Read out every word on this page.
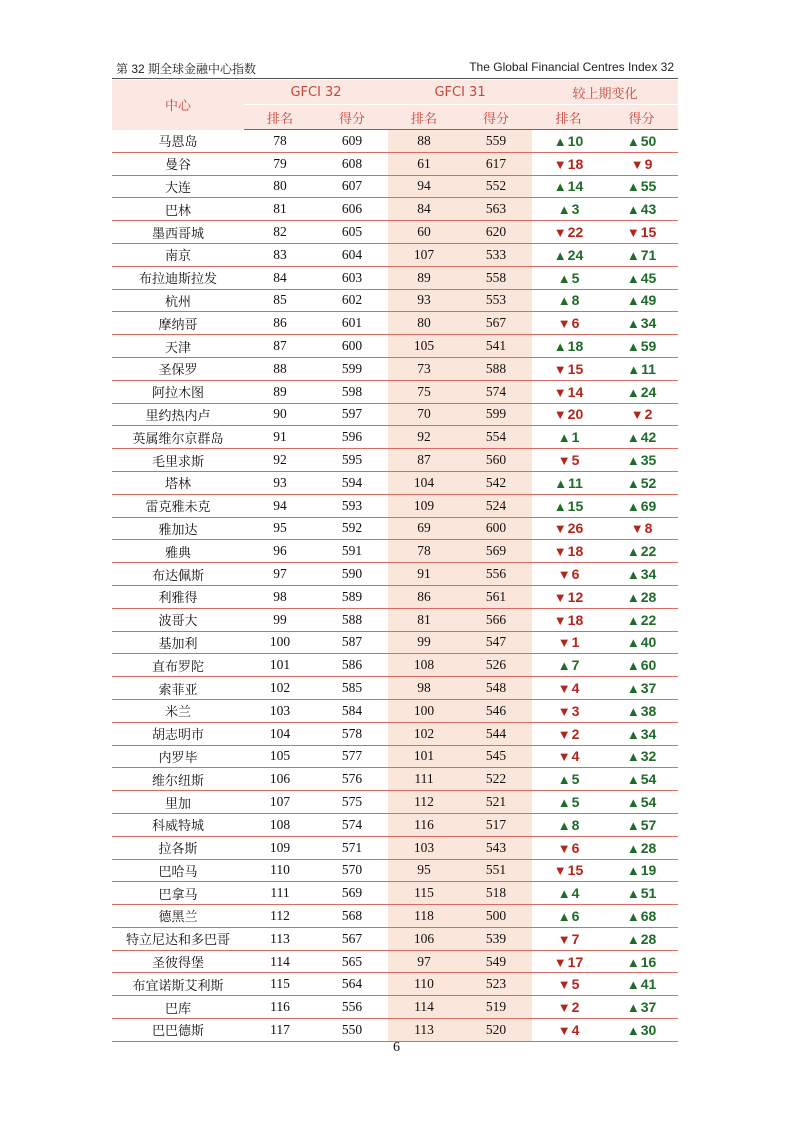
第 32 期全球金融中心指数	The Global Financial Centres Index 32
中心	GFCI 32		GFCI 31		较上期变化	
	排名	得分	排名	得分	排名	得分
马恩岛	78	609	88	559	▲10	▲50
曼谷	79	608	61	617	▼18	▼9
大连	80	607	94	552	▲14	▲55
巴林	81	606	84	563	▲3	▲43
墨西哥城	82	605	60	620	▼22	▼15
南京	83	604	107	533	▲24	▲71
布拉迪斯拉发	84	603	89	558	▲5	▲45
杭州	85	602	93	553	▲8	▲49
摩纳哥	86	601	80	567	▼6	▲34
天津	87	600	105	541	▲18	▲59
圣保罗	88	599	73	588	▼15	▲11
阿拉木图	89	598	75	574	▼14	▲24
里约热内卢	90	597	70	599	▼20	▼2
英属维尔京群岛	91	596	92	554	▲1	▲42
毛里求斯	92	595	87	560	▼5	▲35
塔林	93	594	104	542	▲11	▲52
雷克雅未克	94	593	109	524	▲15	▲69
雅加达	95	592	69	600	▼26	▼8
雅典	96	591	78	569	▼18	▲22
布达佩斯	97	590	91	556	▼6	▲34
利雅得	98	589	86	561	▼12	▲28
波哥大	99	588	81	566	▼18	▲22
基加利	100	587	99	547	▼1	▲40
直布罗陀	101	586	108	526	▲7	▲60
索菲亚	102	585	98	548	▼4	▲37
米兰	103	584	100	546	▼3	▲38
胡志明市	104	578	102	544	▼2	▲34
内罗毕	105	577	101	545	▼4	▲32
维尔纽斯	106	576	111	522	▲5	▲54
里加	107	575	112	521	▲5	▲54
科威特城	108	574	116	517	▲8	▲57
拉各斯	109	571	103	543	▼6	▲28
巴哈马	110	570	95	551	▼15	▲19
巴拿马	111	569	115	518	▲4	▲51
德黑兰	112	568	118	500	▲6	▲68
特立尼达和多巴哥	113	567	106	539	▼7	▲28
圣彼得堡	114	565	97	549	▼17	▲16
布宜诺斯艾利斯	115	564	110	523	▼5	▲41
巴库	116	556	114	519	▼2	▲37
巴巴德斯	117	550	113	520	▼4	▲30
6
